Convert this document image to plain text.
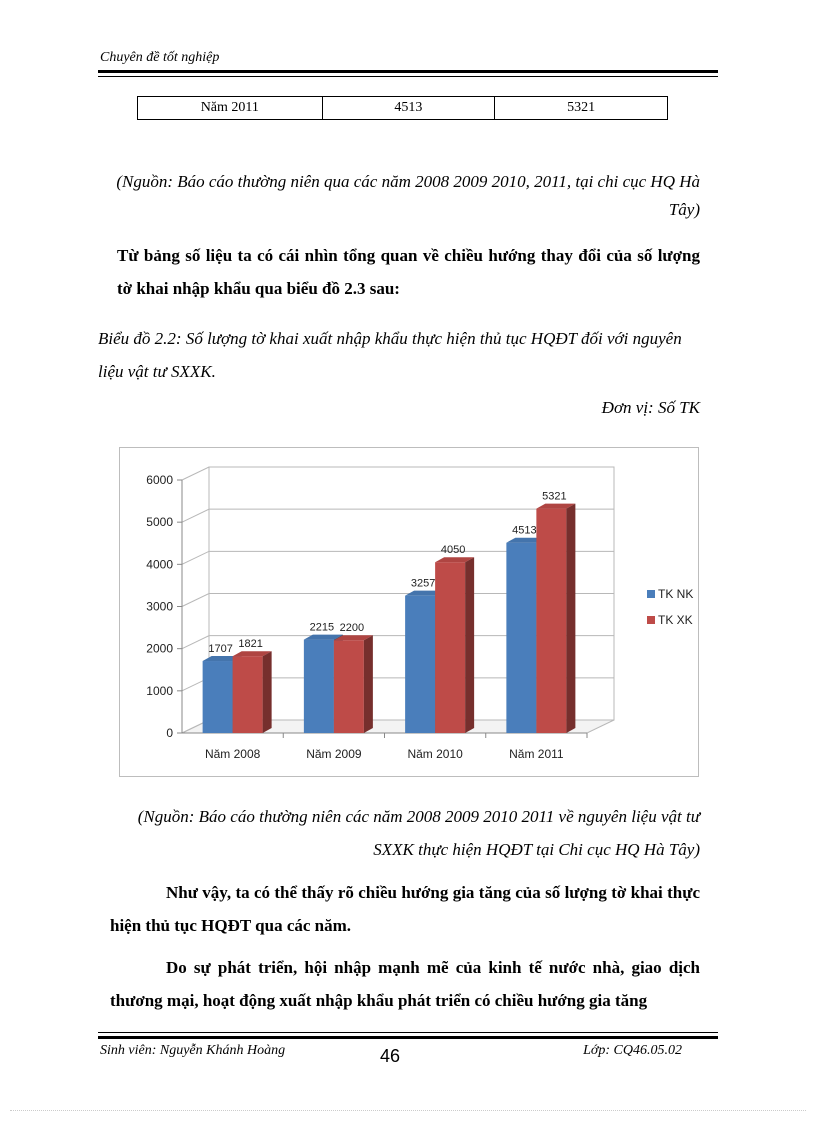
Chuyên đề tốt nghiệp
Năm 2011	4513	5321
(Nguồn: Báo cáo thường niên qua các năm 2008 2009 2010, 2011, tại chi cục HQ Hà Tây)
Từ bảng số liệu ta có cái nhìn tổng quan về chiều hướng thay đổi của số lượng tờ khai nhập khẩu qua biểu đồ 2.3 sau:
Biểu đồ 2.2: Số lượng tờ khai xuất nhập khẩu thực hiện thủ tục HQĐT đối với nguyên liệu vật tư SXXK.
Đơn vị: Số TK
0
1000
2000
3000
4000
5000
6000
Năm 2008
1707 1821
Năm 2009
2215 2200
Năm 2010
3257
4050
Năm 2011
4513
5321
TK NK
TK XK
(Nguồn: Báo cáo thường niên các năm 2008 2009 2010 2011 về nguyên liệu vật tư SXXK thực hiện HQĐT tại Chi cục HQ Hà Tây)
Như vậy, ta có thể thấy rõ chiều hướng gia tăng của số lượng tờ khai thực hiện thủ tục HQĐT qua các năm.
Do sự phát triển, hội nhập mạnh mẽ của kinh tế nước nhà, giao dịch thương mại, hoạt động xuất nhập khẩu phát triển có chiều hướng gia tăng
Sinh viên: Nguyễn Khánh Hoàng	46	Lớp: CQ46.05.02
